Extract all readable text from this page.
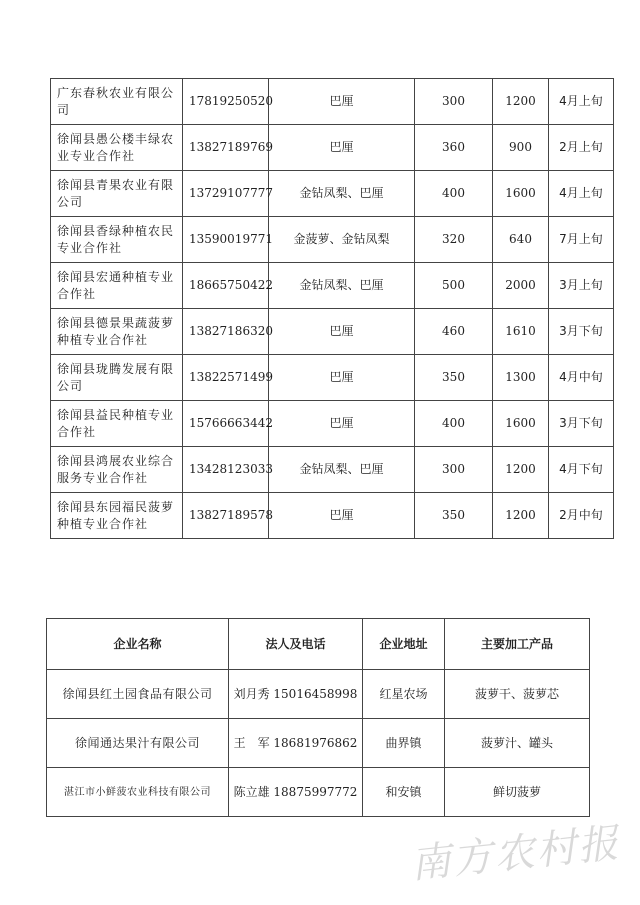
广东春秋农业有限公司	17819250520	巴厘	300	1200	4月上旬
徐闻县愚公楼丰绿农业专业合作社	13827189769	巴厘	360	900	2月上旬
徐闻县青果农业有限公司	13729107777	金钻凤梨、巴厘	400	1600	4月上旬
徐闻县香绿种植农民专业合作社	13590019771	金菠萝、金钻凤梨	320	640	7月上旬
徐闻县宏通种植专业合作社	18665750422	金钻凤梨、巴厘	500	2000	3月上旬
徐闻县德景果蔬菠萝种植专业合作社	13827186320	巴厘	460	1610	3月下旬
徐闻县珑腾发展有限公司	13822571499	巴厘	350	1300	4月中旬
徐闻县益民种植专业合作社	15766663442	巴厘	400	1600	3月下旬
徐闻县鸿展农业综合服务专业合作社	13428123033	金钻凤梨、巴厘	300	1200	4月下旬
徐闻县东园福民菠萝种植专业合作社	13827189578	巴厘	350	1200	2月中旬
企业名称	法人及电话	企业地址	主要加工产品
徐闻县红土园食品有限公司	刘月秀 15016458998	红星农场	菠萝干、菠萝芯
徐闻通达果汁有限公司	王　军 18681976862	曲界镇	菠萝汁、罐头
湛江市小鲜菠农业科技有限公司	陈立雄 18875997772	和安镇	鲜切菠萝
南方农村报
